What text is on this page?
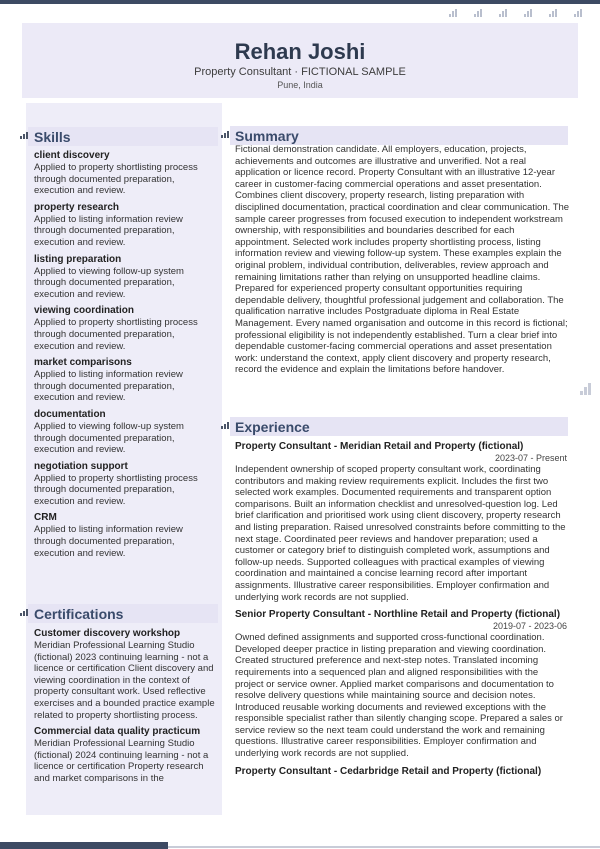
Rehan Joshi
Property Consultant · FICTIONAL SAMPLE
Pune, India
Skills
client discovery
Applied to property shortlisting process through documented preparation, execution and review.
property research
Applied to listing information review through documented preparation, execution and review.
listing preparation
Applied to viewing follow-up system through documented preparation, execution and review.
viewing coordination
Applied to property shortlisting process through documented preparation, execution and review.
market comparisons
Applied to listing information review through documented preparation, execution and review.
documentation
Applied to viewing follow-up system through documented preparation, execution and review.
negotiation support
Applied to property shortlisting process through documented preparation, execution and review.
CRM
Applied to listing information review through documented preparation, execution and review.
Certifications
Customer discovery workshop
Meridian Professional Learning Studio (fictional) 2023 continuing learning - not a licence or certification Client discovery and viewing coordination in the context of property consultant work. Used reflective exercises and a bounded practice example related to property shortlisting process.
Commercial data quality practicum
Meridian Professional Learning Studio (fictional) 2024 continuing learning - not a licence or certification Property research and market comparisons in the
Summary
Fictional demonstration candidate. All employers, education, projects, achievements and outcomes are illustrative and unverified. Not a real application or licence record. Property Consultant with an illustrative 12-year career in customer-facing commercial operations and asset presentation. Combines client discovery, property research, listing preparation with disciplined documentation, practical coordination and clear communication. The sample career progresses from focused execution to independent workstream ownership, with responsibilities and boundaries described for each appointment. Selected work includes property shortlisting process, listing information review and viewing follow-up system. These examples explain the original problem, individual contribution, deliverables, review approach and remaining limitations rather than relying on unsupported headline claims. Prepared for experienced property consultant opportunities requiring dependable delivery, thoughtful professional judgement and collaboration. The qualification narrative includes Postgraduate diploma in Real Estate Management. Every named organisation and outcome in this record is fictional; professional eligibility is not independently established. Turn a clear brief into dependable customer-facing commercial operations and asset presentation work: understand the context, apply client discovery and property research, record the evidence and explain the limitations before handover.
Experience
Property Consultant - Meridian Retail and Property (fictional)
2023-07 - Present
Independent ownership of scoped property consultant work, coordinating contributors and making review requirements explicit. Includes the first two selected work examples. Documented requirements and transparent option comparisons. Built an information checklist and unresolved-question log. Led brief clarification and prioritised work using client discovery, property research and listing preparation. Raised unresolved constraints before committing to the next stage. Coordinated peer reviews and handover preparation; used a customer or category brief to distinguish completed work, assumptions and follow-up needs. Supported colleagues with practical examples of viewing coordination and maintained a concise learning record after important assignments. Illustrative career responsibilities. Employer confirmation and underlying work records are not supplied.
Senior Property Consultant - Northline Retail and Property (fictional)
2019-07 - 2023-06
Owned defined assignments and supported cross-functional coordination. Developed deeper practice in listing preparation and viewing coordination. Created structured preference and next-step notes. Translated incoming requirements into a sequenced plan and aligned responsibilities with the project or service owner. Applied market comparisons and documentation to resolve delivery questions while maintaining source and decision notes. Introduced reusable working documents and reviewed exceptions with the responsible specialist rather than silently changing scope. Prepared a sales or service review so the next team could understand the work and remaining questions. Illustrative career responsibilities. Employer confirmation and underlying work records are not supplied.
Property Consultant - Cedarbridge Retail and Property (fictional)
